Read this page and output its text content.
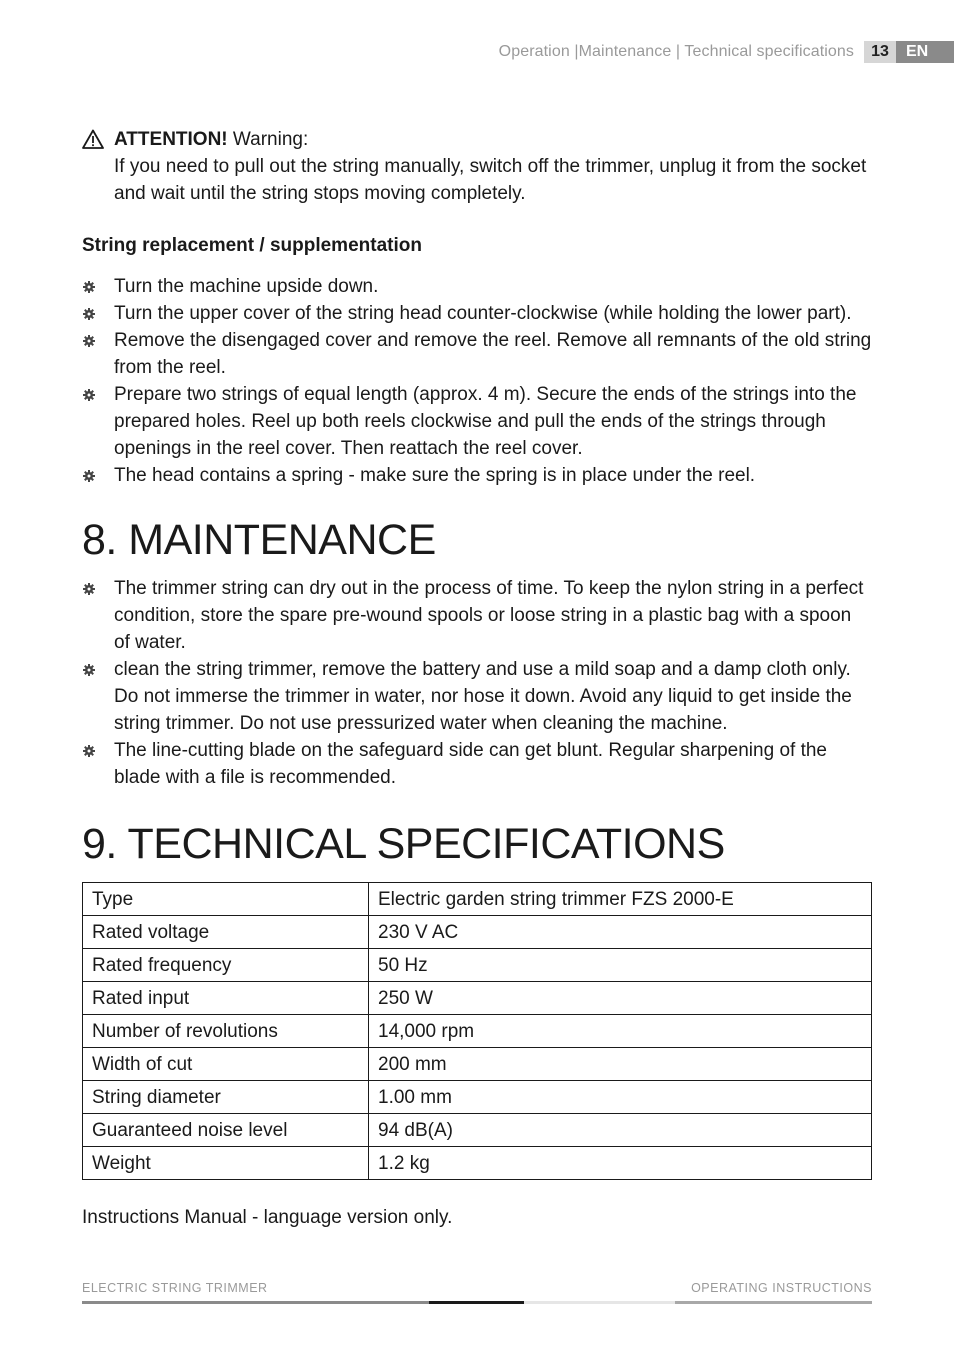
Operation |Maintenance | Technical specifications	13	EN
ATTENTION! Warning:
If you need to pull out the string manually, switch off the trimmer, unplug it from the socket and wait until the string stops moving completely.
String replacement / supplementation
Turn the machine upside down.
Turn the upper cover of the string head counter-clockwise (while holding the lower part).
Remove the disengaged cover and remove the reel. Remove all remnants of the old string from the reel.
Prepare two strings of equal length (approx. 4 m). Secure the ends of the strings into the prepared holes. Reel up both reels clockwise and pull the ends of the strings through openings in the reel cover. Then reattach the reel cover.
The head contains a spring - make sure the spring is in place under the reel.
8. MAINTENANCE
The trimmer string can dry out in the process of time. To keep the nylon string in a perfect condition, store the spare pre-wound spools or loose string in a plastic bag with a spoon of water.
clean the string trimmer, remove the battery and use a mild soap and a damp cloth only. Do not immerse the trimmer in water, nor hose it down. Avoid any liquid to get inside the string trimmer. Do not use pressurized water when cleaning the machine.
The line-cutting blade on the safeguard side can get blunt. Regular sharpening of the blade with a file is recommended.
9. TECHNICAL SPECIFICATIONS
Type	Electric garden string trimmer FZS 2000-E
Rated voltage	230 V AC
Rated frequency	50 Hz
Rated input	250 W
Number of revolutions	14,000 rpm
Width of cut	200 mm
String diameter	1.00 mm
Guaranteed noise level	94 dB(A)
Weight	1.2 kg
Instructions Manual - language version only.
ELECTRIC STRING TRIMMER	OPERATING INSTRUCTIONS
